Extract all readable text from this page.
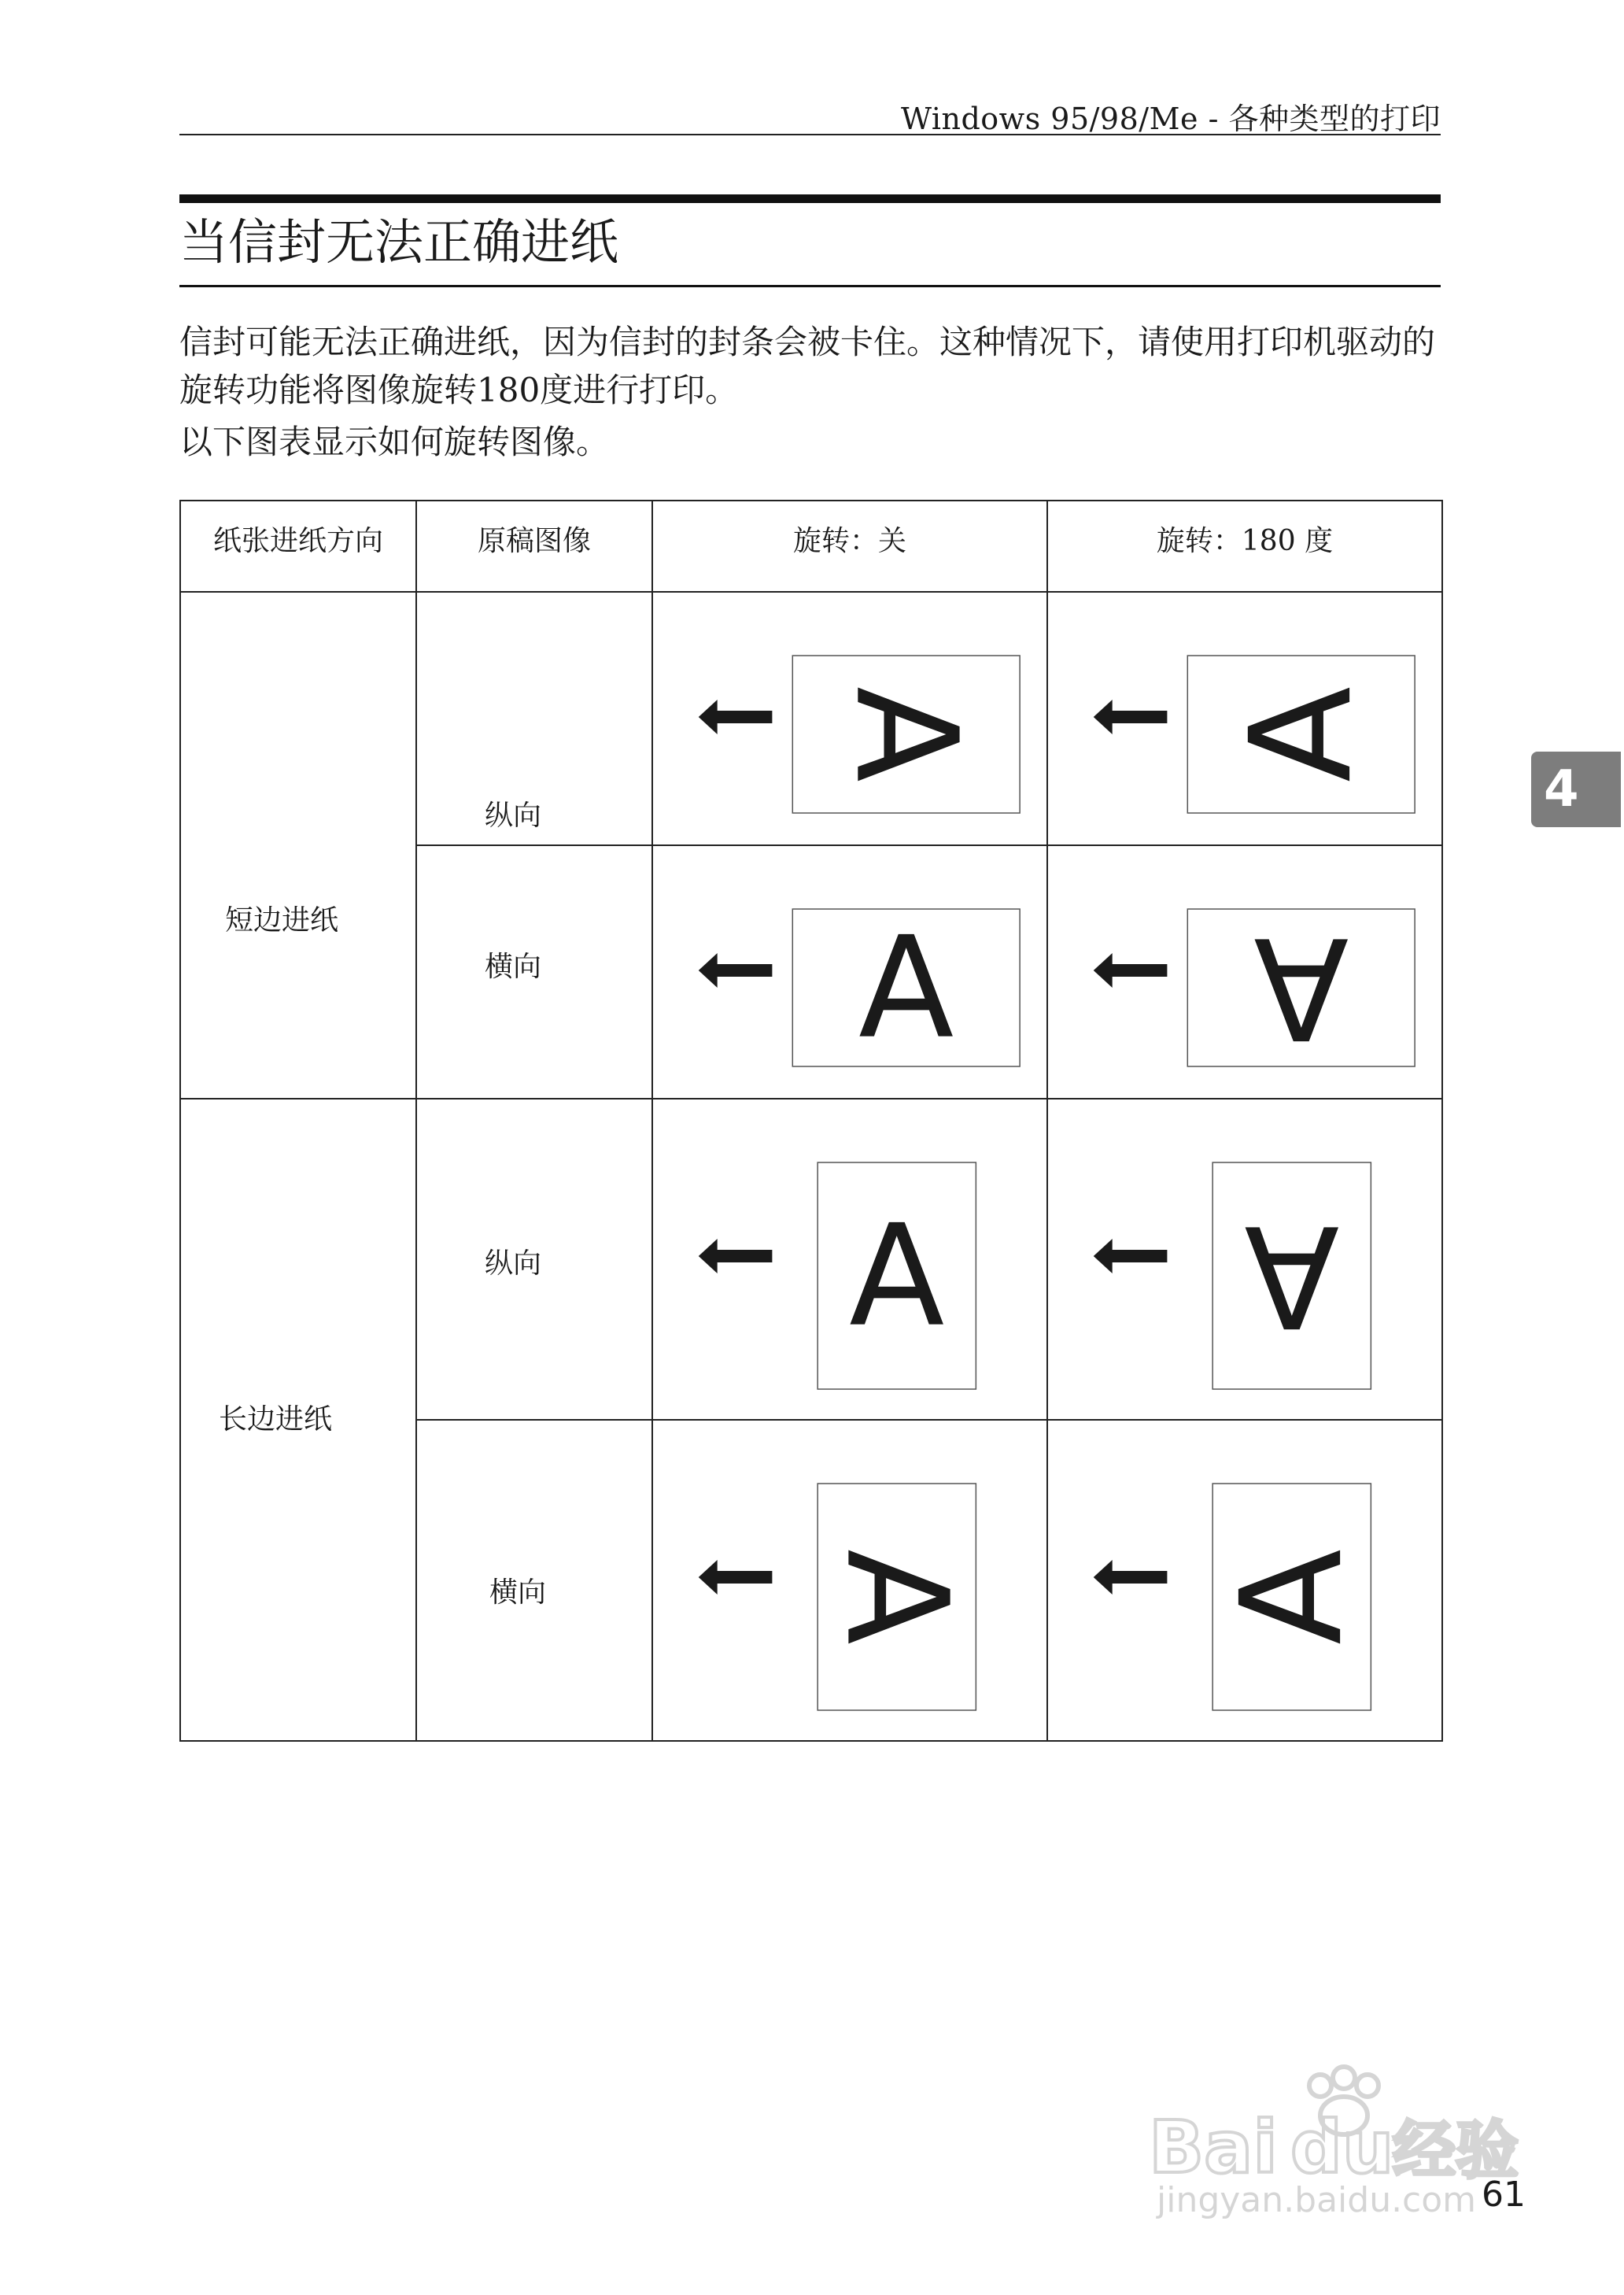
Windows 95/98/Me - 各种类型的打印
当信封无法正确进纸

信封可能无法正确进纸，因为信封的封条会被卡住。这种情况下，请使用打印机驱动的旋转功能将图像旋转180度进行打印。

以下图表显示如何旋转图像。

纸张进纸方向	原稿图像	旋转：关	旋转：180 度

短边进纸	纵向	A	A

	横向	A	A

长边进纸	纵向	A	A

	横向	A	A
4
61
Bai du
经验
jingyan.baidu.com
